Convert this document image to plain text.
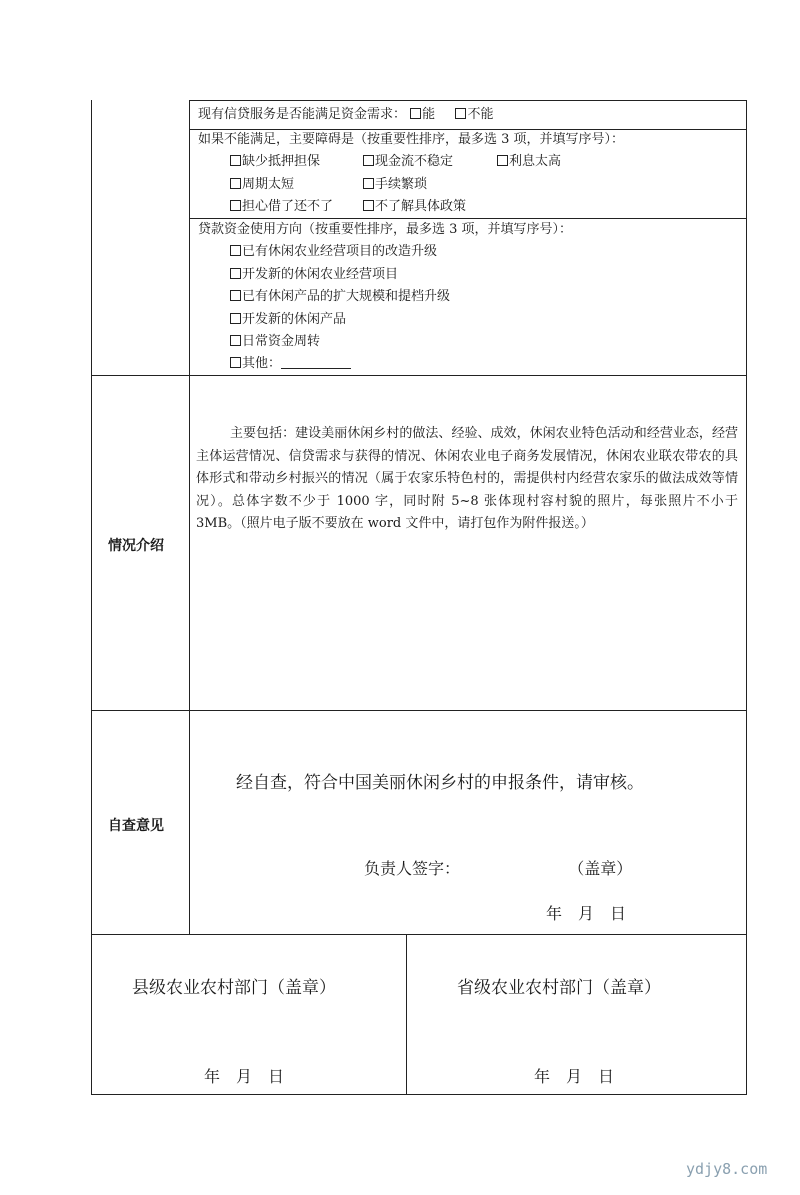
现有信贷服务是否能满足资金需求： 能 不能
如果不能满足，主要障碍是（按重要性排序，最多选 3 项，并填写序号）：
缺少抵押担保	现金流不稳定	利息太高
周期太短	手续繁琐
担心借了还不了	不了解具体政策
贷款资金使用方向（按重要性排序，最多选 3 项，并填写序号）：
已有休闲农业经营项目的改造升级
开发新的休闲农业经营项目
已有休闲产品的扩大规模和提档升级
开发新的休闲产品
日常资金周转
其他：
情况介绍
主要包括：建设美丽休闲乡村的做法、经验、成效，休闲农业特色活动和经营业态，经营主体运营情况、信贷需求与获得的情况、休闲农业电子商务发展情况，休闲农业联农带农的具体形式和带动乡村振兴的情况（属于农家乐特色村的，需提供村内经营农家乐的做法成效等情况）。总体字数不少于 1000 字，同时附 5~8 张体现村容村貌的照片，每张照片不小于 3MB。（照片电子版不要放在 word 文件中，请打包作为附件报送。）
自查意见
经自查，符合中国美丽休闲乡村的申报条件，请审核。
负责人签字：	（盖章）
年　月　日
县级农业农村部门（盖章）
年　月　日
省级农业农村部门（盖章）
年　月　日
ydjy8.com
